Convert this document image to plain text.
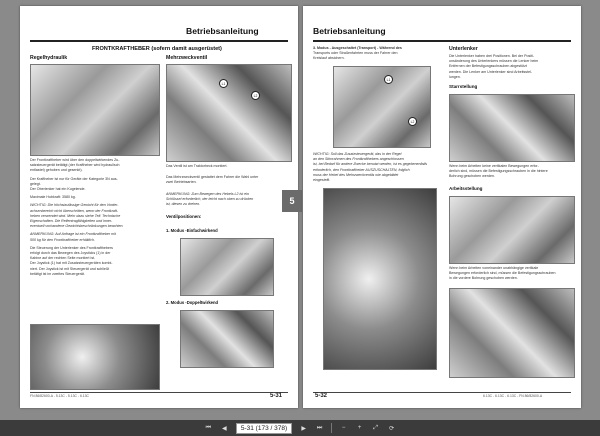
Betriebsanleitung
FRONTKRAFTHEBER (sofern damit ausgerüstet)
Regelhydraulik	Mehrzweckventil
Der Frontkraftheber wird über den doppeltwirkendes Zu-
satzsteuergerät betätigt (der Kraftheber wird hydraulisch
entlastet) gehoben und gesenkt).
Der Kraftheber ist nur für Geräte der Kategorie 3N aus-
gelegt.
Der Oberlenker hat ein Kugelende.
Maximale Hubkraft: 3580 kg.
WICHTIG: Die höchstzulässige Gewicht für den Vorder-
achsenbereich nicht überschritten, wenn der Frontkraft-
heben verwendet wird. Mehr dazu siehe Teil: Technische
Eigenschaften. Die Reifentragfähigkeiten und inner-
eventuell vorhandene Gewichtsbeschränkungen beachten.
ANMERKUNG: Auf Anfrage ist ein Frontkraftheber mit
500 kg für den Frontkraftheber erhältlich.
Die Steuerung der Unterlenker des Frontkrafthebers
erfolgt durch das Bewegen des Joysticks (1) in der
Kabine auf der rechten Seite montiert ist.
Der Joystick (1) hat mit Zusatzsteuergeräten kombi-
niert. Der Joystick ist mit Steuergerät und schließt
betätigt ist im zweites Steuergerät.
L1
L2
Das Ventil ist am Traktorheck montiert.
Das Mehrzweckventil gestattet dem Fahrer die Wahl unter
zwei Betriebsarten.
ANMERKUNG: Zum Bewegen des Hebels L2 ist ein
Schlüssel erforderlich, der leicht nach oben zu drücken
ist, diesen zu drehen.
Ventilpositionen:
1. Modus -Einfachwirkend
2. Modus -Doppeltwirkend
FN 86/82600-A - 5.13C - 5.13C - 6.13C	5-31
5
Betriebsanleitung
3. Modus - Ausgeschaltet (Transport) - Während des
Transports oder Straßenfahrten muss der Fahrer den
Kreislauf absichern.
L1
L2
WICHTIG: Soll das Zusatzsteuergerät, das in der Regel
an den Stirnrahmen des Frontkrafthebers angeschlossen
ist, bei Bedarf für andere Zwecke benutzt werden, ist es gegebenenfalls
erforderlich, den Frontkraftheber AUSZUSCHALTEN, folglich
muss der Hebel des Mehrzweckventils wie abgebildet
eingestellt.
Unterlenker
Die Unterlenker haben drei Positionen. Bei der Positi-
onsänderung des Unterlenkers müssen die Lenker beim
Entfernen der Befestigungsschrauben abgestützt
werden. Die Lenker am Unterlenker sind Arbeitsstel-
lungen.
Starrstellung
Wenn beim Arbeiten keine vertikalen Bewegungen erfor-
derlich sind, müssen die Befestigungsschrauben in die hintere
Bohrung geschoben werden.
Arbeitsstellung
Wenn beim Arbeiten voneinander unabhängige vertikale
Bewegungen erforderlich sind, müssen die Befestigungsschrauben
in die vordere Bohrung geschoben werden.
5-32	6.13C - 6.13C - 6.13C - FN 86/82600-A
⏮	◀	5-31 (173 / 378)	▶	⏭	−	+	⤢	⟳
